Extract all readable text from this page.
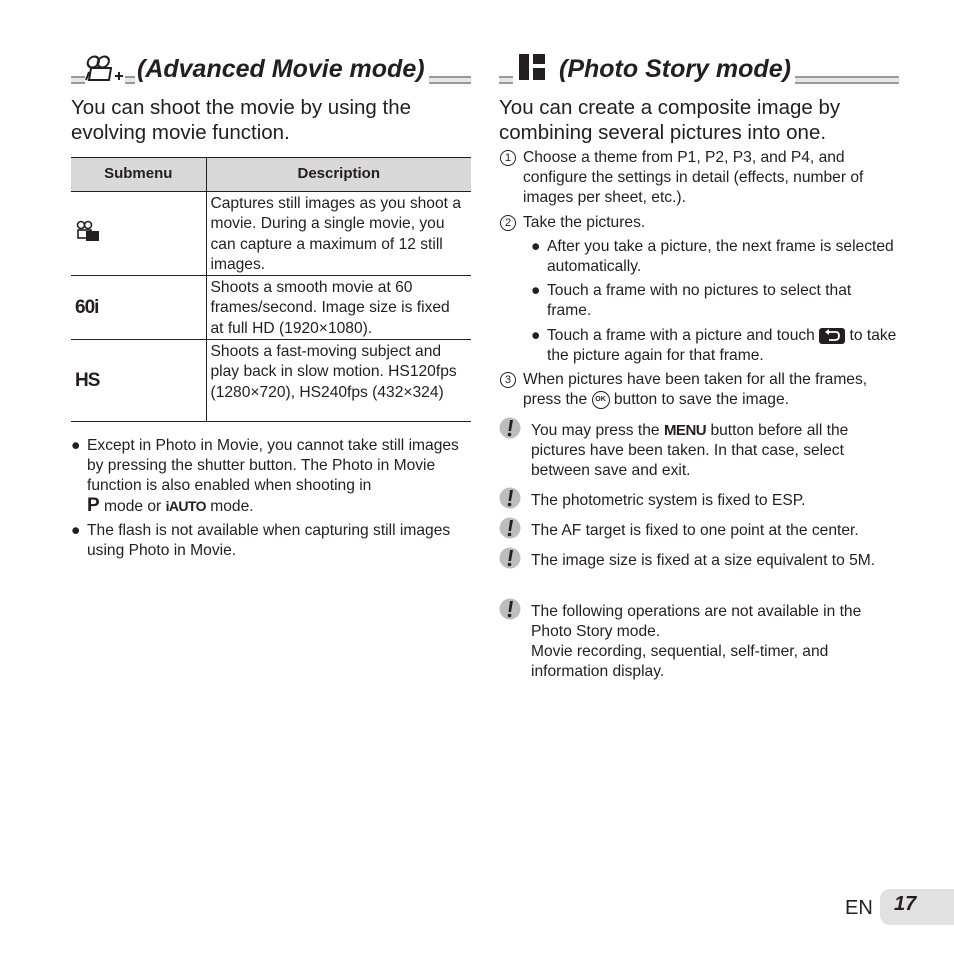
(Advanced Movie mode)
You can shoot the movie by using the evolving movie function.
Submenu	Description
	Captures still images as you shoot a movie. During a single movie, you can capture a maximum of 12 still images.
60i	Shoots a smooth movie at 60 frames/second. Image size is fixed at full HD (1920×1080).
HS	Shoots a fast-moving subject and play back in slow motion. HS120fps (1280×720), HS240fps (432×324)
● Except in Photo in Movie, you cannot take still images by pressing the shutter button. The Photo in Movie function is also enabled when shooting in
P mode or iAUTO mode.
● The flash is not available when capturing still images using Photo in Movie.
(Photo Story mode)
You can create a composite image by combining several pictures into one.
1 Choose a theme from P1, P2, P3, and P4, and configure the settings in detail (effects, number of images per sheet, etc.).
2 Take the pictures.
● After you take a picture, the next frame is selected automatically.
● Touch a frame with no pictures to select that frame.
● Touch a frame with a picture and touch to take the picture again for that frame.
3 When pictures have been taken for all the frames, press the OK button to save the image.
You may press the MENU button before all the pictures have been taken. In that case, select between save and exit.
The photometric system is fixed to ESP.
The AF target is fixed to one point at the center.
The image size is fixed at a size equivalent to 5M.
The following operations are not available in the Photo Story mode.
Movie recording, sequential, self-timer, and information display.
EN 17
